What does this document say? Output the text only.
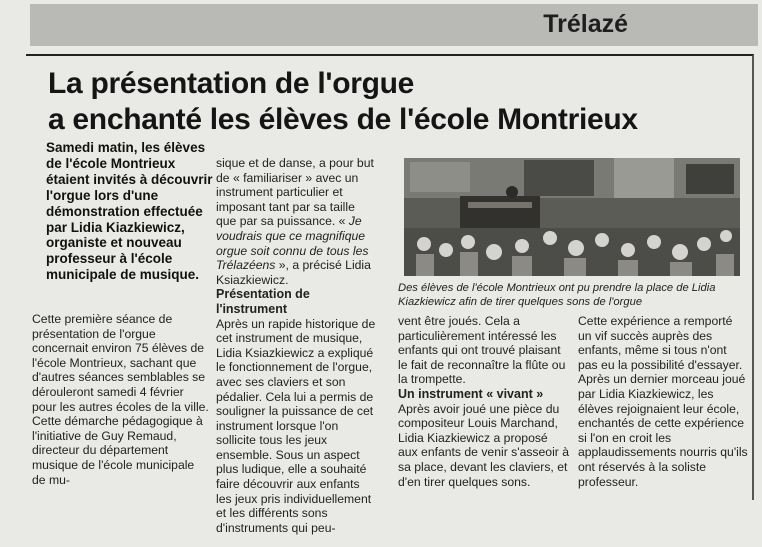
Trélazé
La présentation de l'orgue
a enchanté les élèves de l'école Montrieux
Samedi matin, les élèves de l'école Montrieux étaient invités à découvrir l'orgue lors d'une démonstration effectuée par Lidia Kiazkiewicz, organiste et nouveau professeur à l'école municipale de musique.

Cette première séance de présentation de l'orgue concernait environ 75 élèves de l'école Montrieux, sachant que d'autres séances semblables se dérouleront samedi 4 février pour les autres écoles de la ville. Cette démarche pédagogique à l'initiative de Guy Remaud, directeur du département musique de l'école municipale de mu-

sique et de danse, a pour but de « familiariser » avec un instrument particulier et imposant tant par sa taille que par sa puissance. « Je voudrais que ce magnifique orgue soit connu de tous les Trélazéens », a précisé Lidia Ksiazkiewicz.

Présentation de l'instrument

Après un rapide historique de cet instrument de musique, Lidia Ksiazkiewicz a expliqué le fonctionnement de l'orgue, avec ses claviers et son pédalier. Cela lui a permis de souligner la puissance de cet instrument lorsque l'on sollicite tous les jeux ensemble. Sous un aspect plus ludique, elle a souhaité faire découvrir aux enfants les jeux pris individuellement et les différents sons d'instruments qui peu-

Des élèves de l'école Montrieux ont pu prendre la place de Lidia Kiazkiewicz afin de tirer quelques sons de l'orgue

vent être joués. Cela a particulièrement intéressé les enfants qui ont trouvé plaisant le fait de reconnaître la flûte ou la trompette.

Un instrument « vivant »

Après avoir joué une pièce du compositeur Louis Marchand, Lidia Kiazkiewicz a proposé aux enfants de venir s'asseoir à sa place, devant les claviers, et d'en tirer quelques sons.

Cette expérience a remporté un vif succès auprès des enfants, même si tous n'ont pas eu la possibilité d'essayer. Après un dernier morceau joué par Lidia Kiazkiewicz, les élèves rejoignaient leur école, enchantés de cette expérience si l'on en croit les applaudissements nourris qu'ils ont réservés à la soliste professeur.
